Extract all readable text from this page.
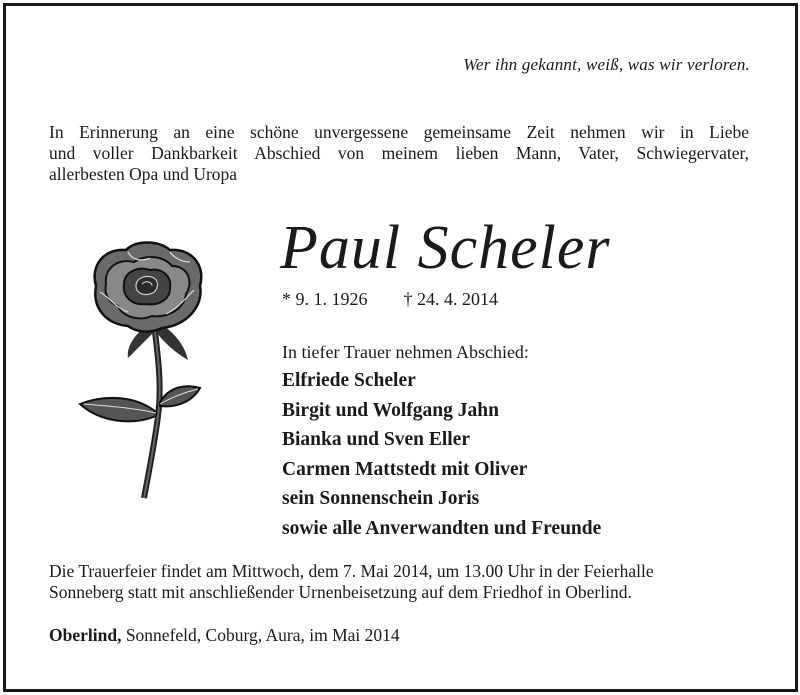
Wer ihn gekannt, weiß, was wir verloren.
In Erinnerung an eine schöne unvergessene gemeinsame Zeit nehmen wir in Liebe
und voller Dankbarkeit Abschied von meinem lieben Mann, Vater, Schwiegervater,
allerbesten Opa und Uropa
Paul Scheler
* 9. 1. 1926 † 24. 4. 2014
In tiefer Trauer nehmen Abschied:
Elfriede Scheler
Birgit und Wolfgang Jahn
Bianka und Sven Eller
Carmen Mattstedt mit Oliver
sein Sonnenschein Joris
sowie alle Anverwandten und Freunde
Die Trauerfeier findet am Mittwoch, dem 7. Mai 2014, um 13.00 Uhr in der Feierhalle
Sonneberg statt mit anschließender Urnenbeisetzung auf dem Friedhof in Oberlind.
Oberlind, Sonnefeld, Coburg, Aura, im Mai 2014
